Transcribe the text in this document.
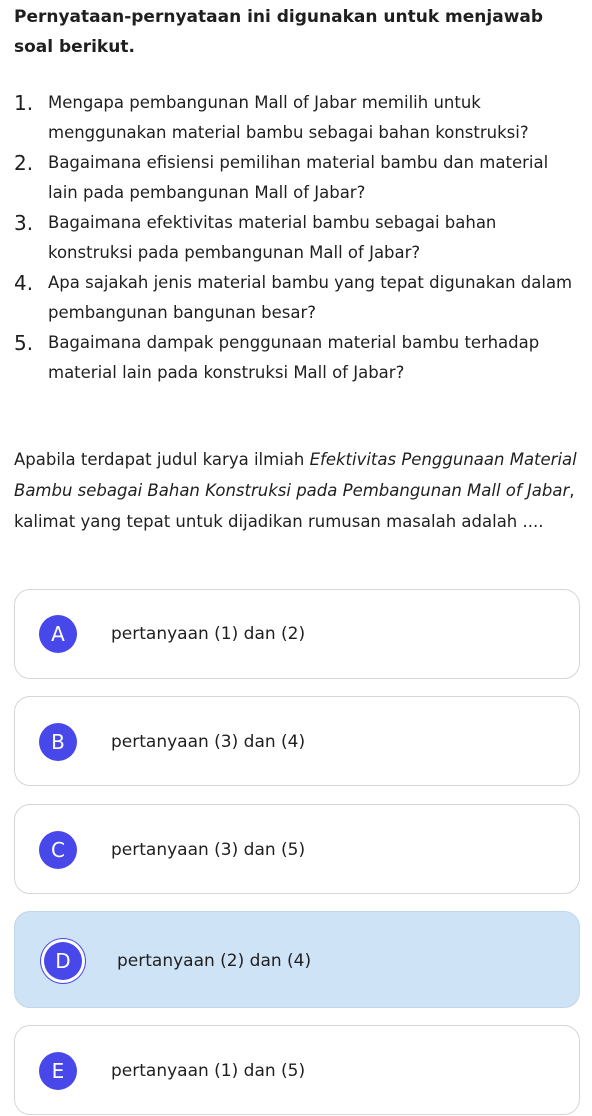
Pernyataan-pernyataan ini digunakan untuk menjawab
soal berikut.
1. Mengapa pembangunan Mall of Jabar memilih untuk menggunakan material bambu sebagai bahan konstruksi?
2. Bagaimana efisiensi pemilihan material bambu dan material lain pada pembangunan Mall of Jabar?
3. Bagaimana efektivitas material bambu sebagai bahan konstruksi pada pembangunan Mall of Jabar?
4. Apa sajakah jenis material bambu yang tepat digunakan dalam pembangunan bangunan besar?
5. Bagaimana dampak penggunaan material bambu terhadap material lain pada konstruksi Mall of Jabar?

Apabila terdapat judul karya ilmiah Efektivitas Penggunaan Material Bambu sebagai Bahan Konstruksi pada Pembangunan Mall of Jabar, kalimat yang tepat untuk dijadikan rumusan masalah adalah ....

A	pertanyaan (1) dan (2)
B	pertanyaan (3) dan (4)
C	pertanyaan (3) dan (5)
D	pertanyaan (2) dan (4)
E	pertanyaan (1) dan (5)
